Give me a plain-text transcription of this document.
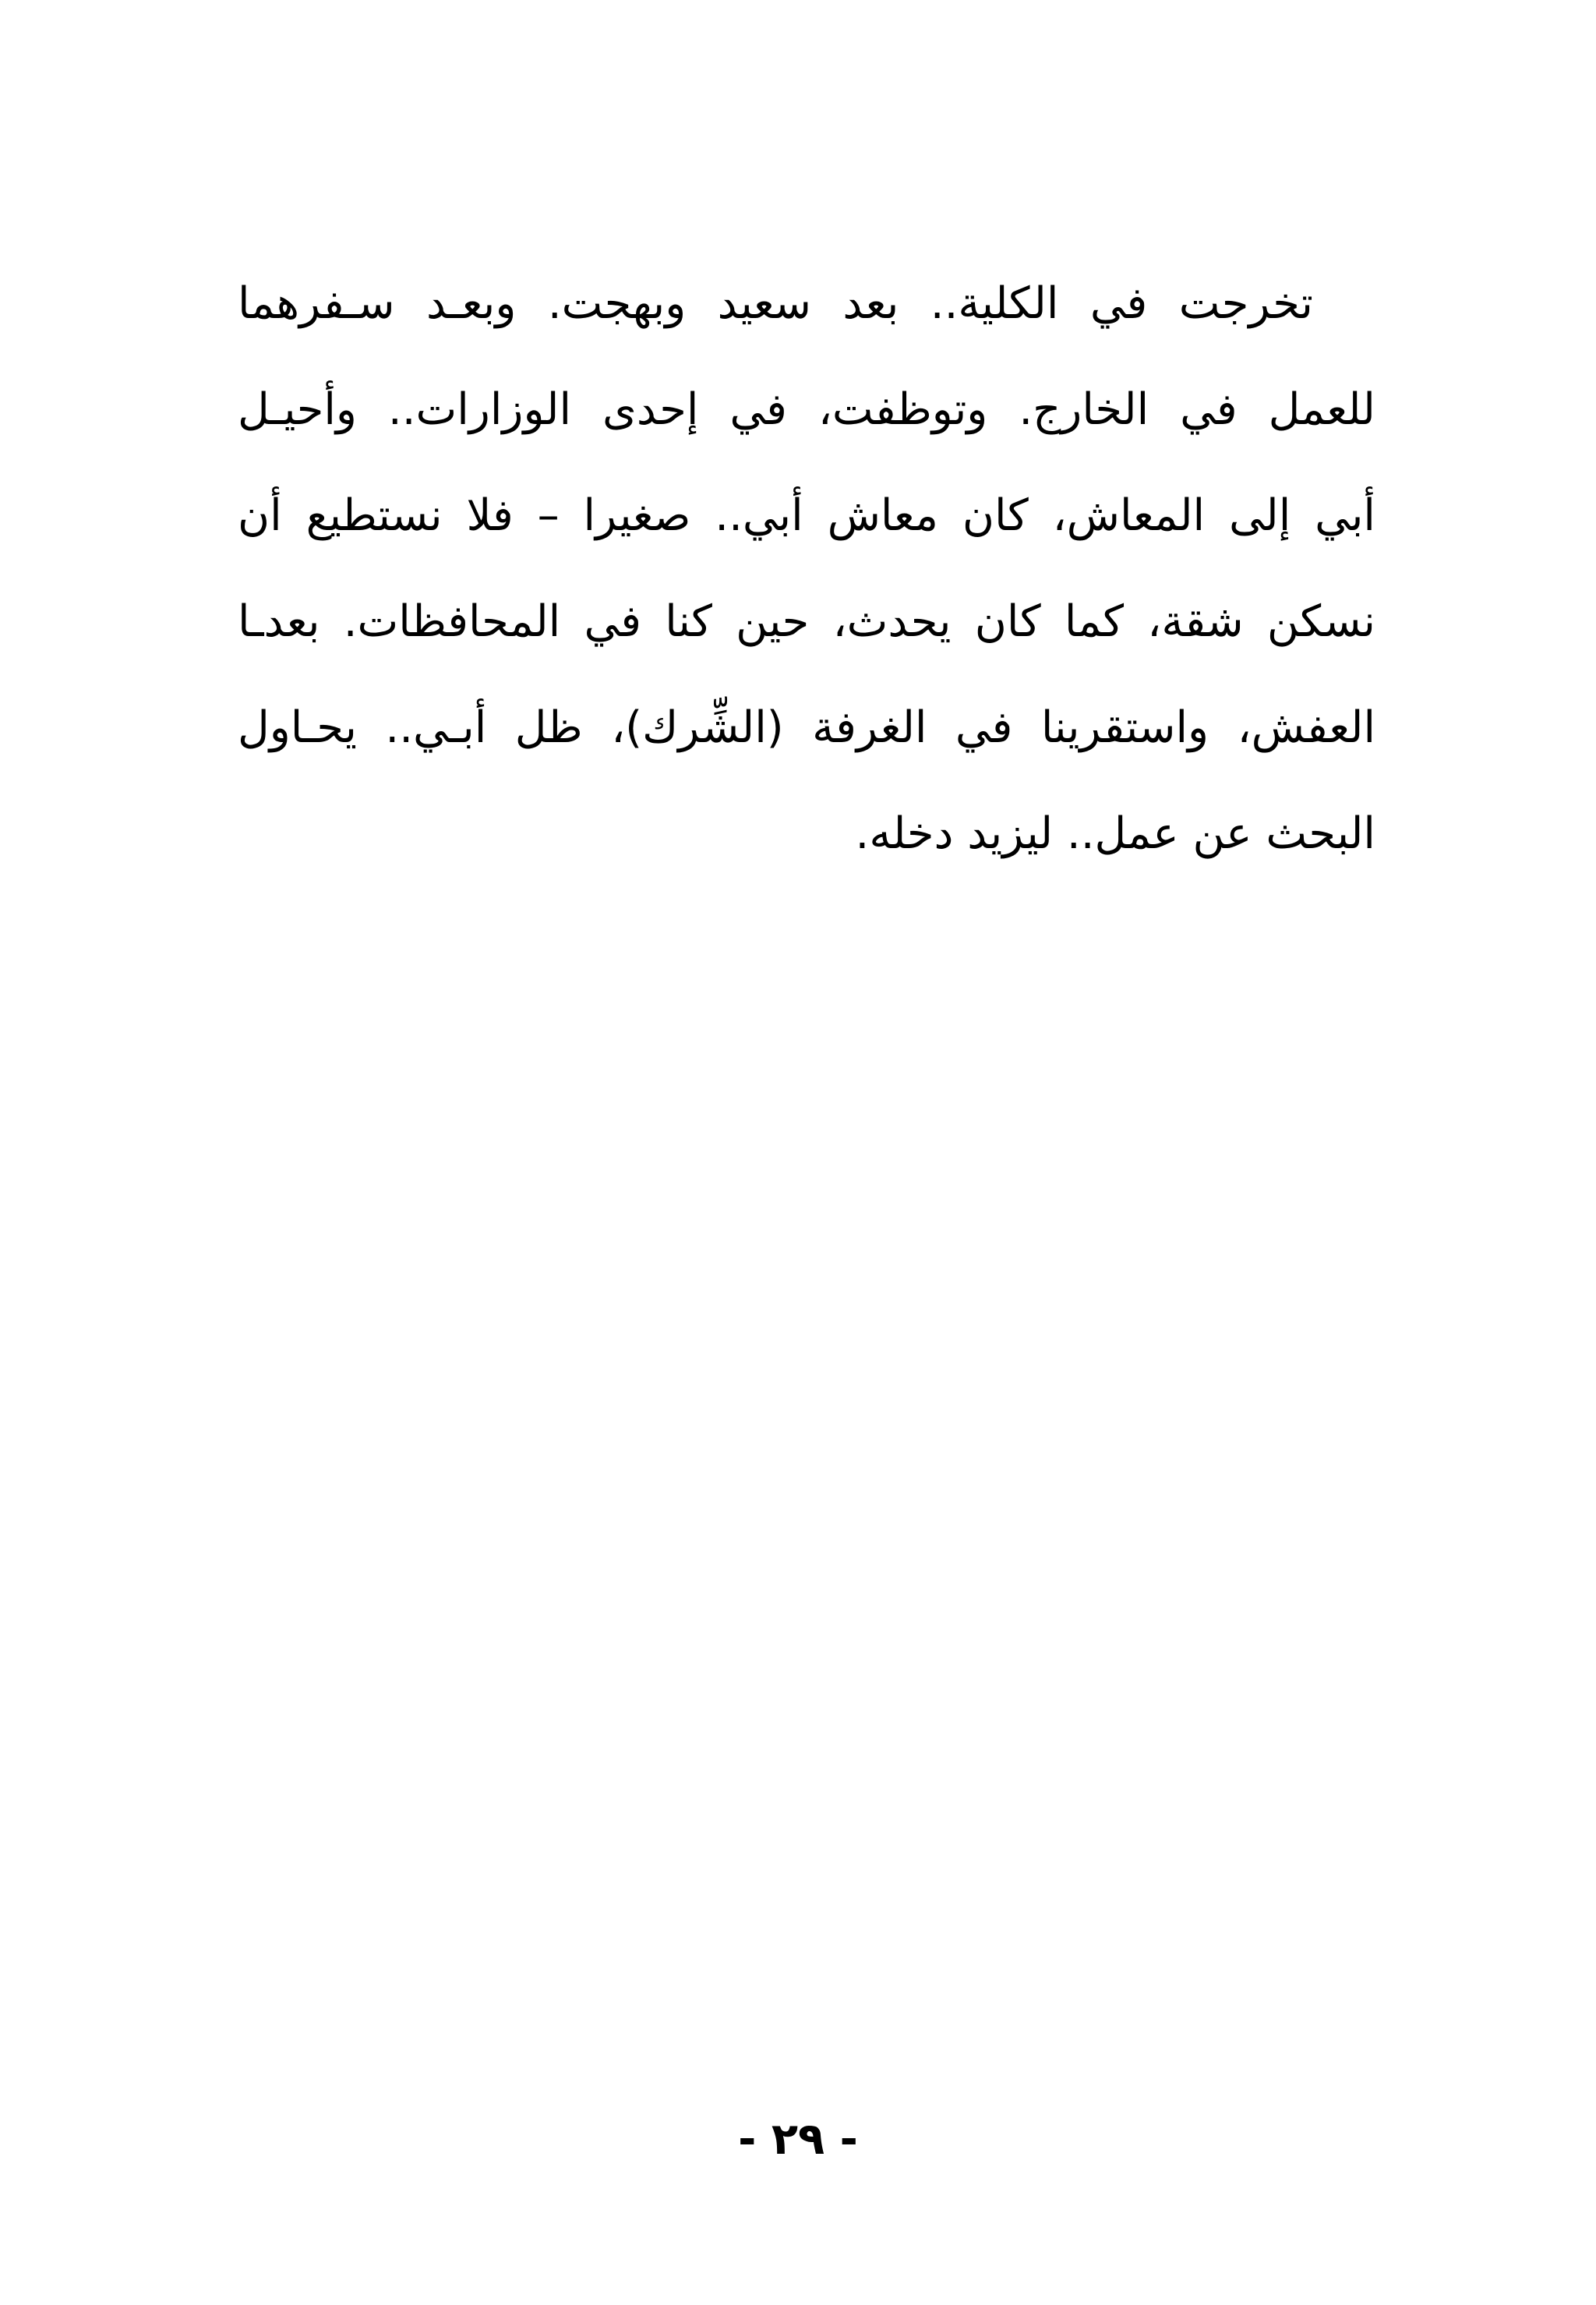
تخرجت في الكلية.. بعد سعيد وبهجت. وبعـد سـفرهما
للعمل في الخارج. وتوظفت، في إحدى الوزارات.. وأحيـل
أبي إلى المعاش، كان معاش أبي.. صغيرا – فلا نستطيع أن
نسكن شقة، كما كان يحدث، حين كنا في المحافظات. بعدـا
العفش، واستقرينا في الغرفة (الشِّرك)، ظل أبـي.. يحـاول
البحث عن عمل.. ليزيد دخله.
- ٢٩ -
